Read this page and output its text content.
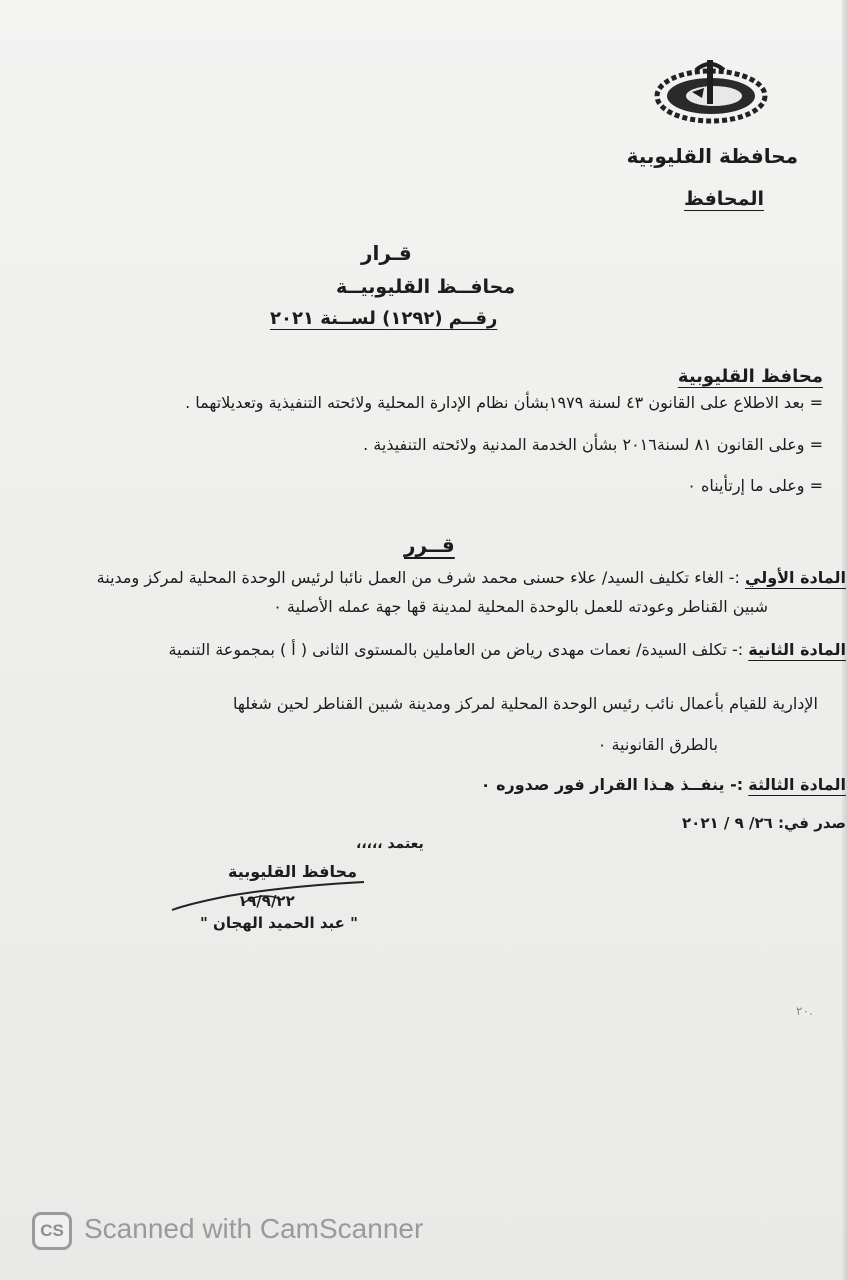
محافظة القليوبية
المحافظ
قـرار
محافــظ القليوبيــة
رقــم (١٢٩٢) لســنة ٢٠٢١
محافظ القليوبية
= بعد الاطلاع على القانون ٤٣ لسنة ١٩٧٩بشأن نظام الإدارة المحلية ولائحته التنفيذية وتعديلاتهما .
= وعلى القانون ٨١ لسنة٢٠١٦ بشأن الخدمة المدنية ولائحته التنفيذية .
= وعلى ما إرتأيناه ٠
قــرر
المادة الأولي :- الغاء تكليف السيد/ علاء حسنى محمد شرف من العمل نائبا لرئيس الوحدة المحلية لمركز ومدينة
شبين القناطر وعودته للعمل بالوحدة المحلية لمدينة قها جهة عمله الأصلية ٠
المادة الثانية :- تكلف السيدة/ نعمات مهدى رياض من العاملين بالمستوى الثانى ( أ ) بمجموعة التنمية
الإدارية للقيام بأعمال نائب رئيس الوحدة المحلية لمركز ومدينة شبين القناطر لحين شغلها
بالطرق القانونية ٠
المادة الثالثة :- ينفــذ هـذا القرار فور صدوره ٠
صدر في: ٢٦/ ٩ / ٢٠٢١
يعتمد ،،،،،
محافظ القليوبية
١٩/٩/٢٢
" عبد الحميد الهجان "
٢٠.
CS Scanned with CamScanner
